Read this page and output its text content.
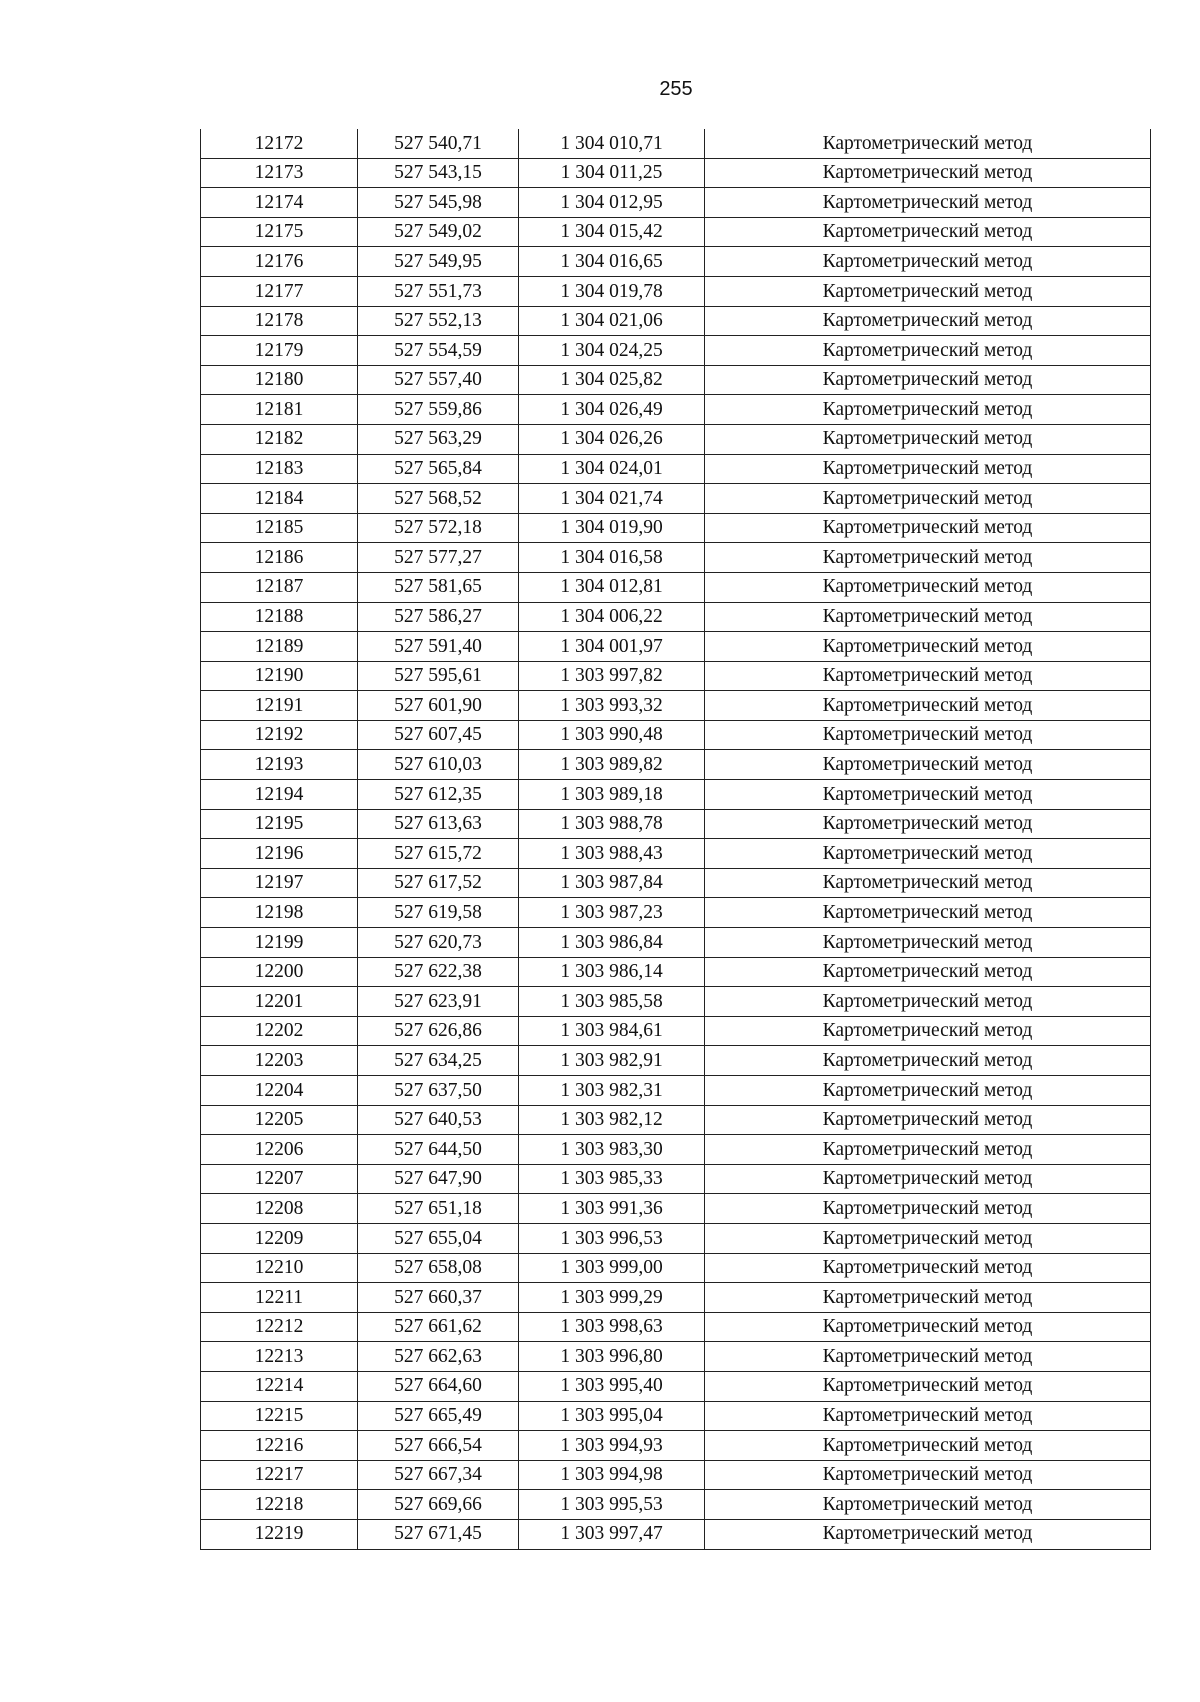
255
12172	527 540,71	1 304 010,71	Картометрический метод
12173	527 543,15	1 304 011,25	Картометрический метод
12174	527 545,98	1 304 012,95	Картометрический метод
12175	527 549,02	1 304 015,42	Картометрический метод
12176	527 549,95	1 304 016,65	Картометрический метод
12177	527 551,73	1 304 019,78	Картометрический метод
12178	527 552,13	1 304 021,06	Картометрический метод
12179	527 554,59	1 304 024,25	Картометрический метод
12180	527 557,40	1 304 025,82	Картометрический метод
12181	527 559,86	1 304 026,49	Картометрический метод
12182	527 563,29	1 304 026,26	Картометрический метод
12183	527 565,84	1 304 024,01	Картометрический метод
12184	527 568,52	1 304 021,74	Картометрический метод
12185	527 572,18	1 304 019,90	Картометрический метод
12186	527 577,27	1 304 016,58	Картометрический метод
12187	527 581,65	1 304 012,81	Картометрический метод
12188	527 586,27	1 304 006,22	Картометрический метод
12189	527 591,40	1 304 001,97	Картометрический метод
12190	527 595,61	1 303 997,82	Картометрический метод
12191	527 601,90	1 303 993,32	Картометрический метод
12192	527 607,45	1 303 990,48	Картометрический метод
12193	527 610,03	1 303 989,82	Картометрический метод
12194	527 612,35	1 303 989,18	Картометрический метод
12195	527 613,63	1 303 988,78	Картометрический метод
12196	527 615,72	1 303 988,43	Картометрический метод
12197	527 617,52	1 303 987,84	Картометрический метод
12198	527 619,58	1 303 987,23	Картометрический метод
12199	527 620,73	1 303 986,84	Картометрический метод
12200	527 622,38	1 303 986,14	Картометрический метод
12201	527 623,91	1 303 985,58	Картометрический метод
12202	527 626,86	1 303 984,61	Картометрический метод
12203	527 634,25	1 303 982,91	Картометрический метод
12204	527 637,50	1 303 982,31	Картометрический метод
12205	527 640,53	1 303 982,12	Картометрический метод
12206	527 644,50	1 303 983,30	Картометрический метод
12207	527 647,90	1 303 985,33	Картометрический метод
12208	527 651,18	1 303 991,36	Картометрический метод
12209	527 655,04	1 303 996,53	Картометрический метод
12210	527 658,08	1 303 999,00	Картометрический метод
12211	527 660,37	1 303 999,29	Картометрический метод
12212	527 661,62	1 303 998,63	Картометрический метод
12213	527 662,63	1 303 996,80	Картометрический метод
12214	527 664,60	1 303 995,40	Картометрический метод
12215	527 665,49	1 303 995,04	Картометрический метод
12216	527 666,54	1 303 994,93	Картометрический метод
12217	527 667,34	1 303 994,98	Картометрический метод
12218	527 669,66	1 303 995,53	Картометрический метод
12219	527 671,45	1 303 997,47	Картометрический метод
